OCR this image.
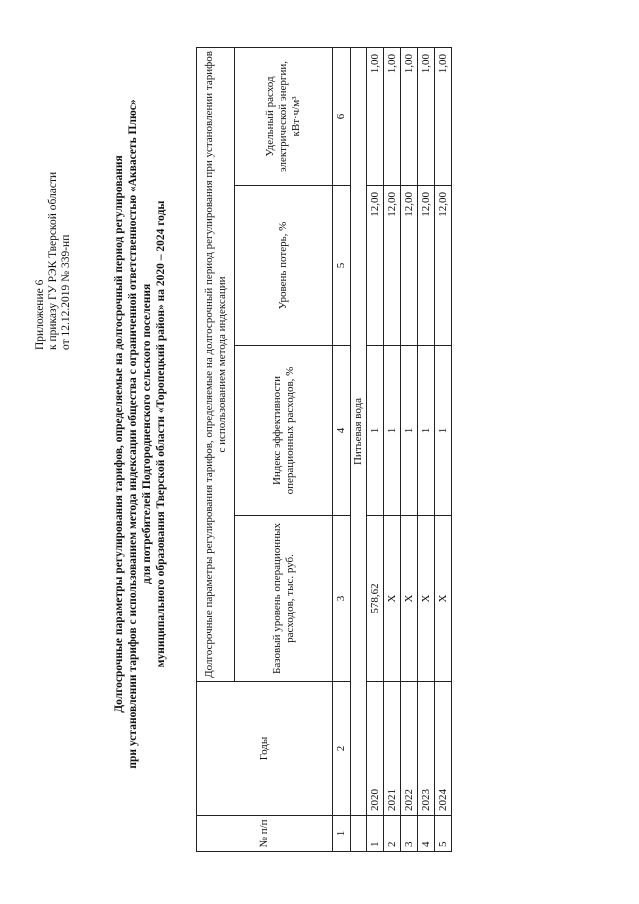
Приложение 6 к приказу ГУ РЭК Тверской области от 12.12.2019 № 339-нп	Долгосрочные параметры регулирования тарифов, определяемые на долгосрочный период регулирования при установлении тарифов с использованием метода индексации общества с ограниченной ответственностью «Аквасеть Плюс» для потребителей Подгородненского сельского поселения муниципального образования Тверской области «Торопецкий район» на 2020 – 2024 годы
№ п/п	Годы	Долгосрочные параметры регулирования тарифов, определяемые на долгосрочный период регулирования при установлении тарифов с использованием метода индексации			
		Базовый уровень операционных расходов, тыс. руб.	Индекс эффективности операционных расходов, %	Уровень потерь, %	Удельный расход электрической энергии, кВт·ч/м³
1	2	3	4	5	6
	Питьевая вода				
1	2020	578,62	1	12,00	1,00
2	2021	X	1	12,00	1,00
3	2022	X	1	12,00	1,00
4	2023	X	1	12,00	1,00
5	2024	X	1	12,00	1,00
